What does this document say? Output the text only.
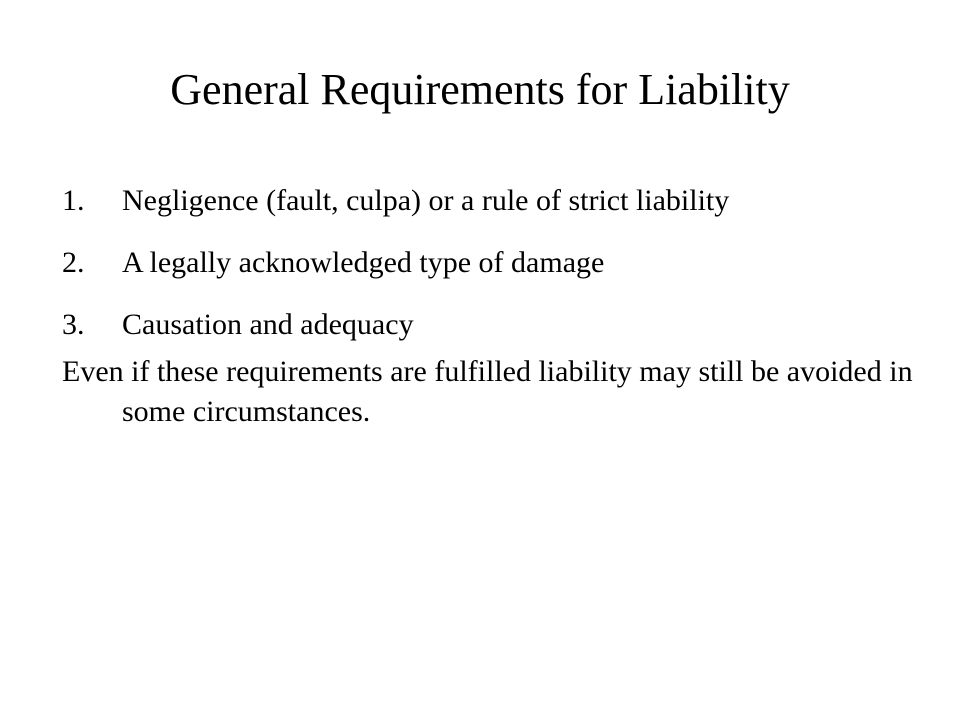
General Requirements for Liability
1.	Negligence (fault, culpa) or a rule of strict liability
2.	A legally acknowledged type of damage
3.	Causation and adequacy

Even if these requirements are fulfilled liability may still be avoided in some circumstances.
